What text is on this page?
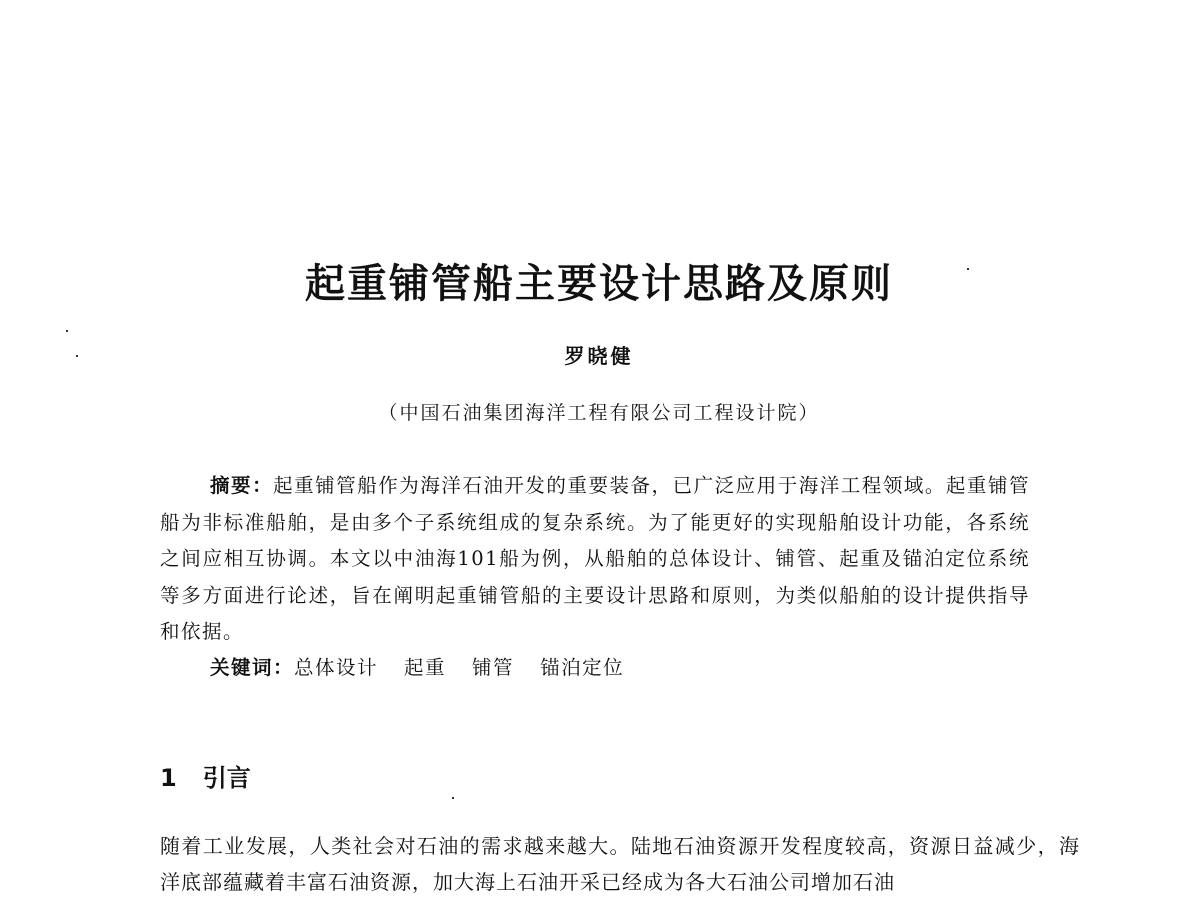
起重铺管船主要设计思路及原则
罗晓健
（中国石油集团海洋工程有限公司工程设计院）
摘要：起重铺管船作为海洋石油开发的重要装备，已广泛应用于海洋工程领域。起重铺管船为非标准船舶，是由多个子系统组成的复杂系统。为了能更好的实现船舶设计功能，各系统之间应相互协调。本文以中油海101船为例，从船舶的总体设计、铺管、起重及锚泊定位系统等多方面进行论述，旨在阐明起重铺管船的主要设计思路和原则，为类似船舶的设计提供指导和依据。
关键词：总体设计 起重 铺管 锚泊定位
1 引言
随着工业发展，人类社会对石油的需求越来越大。陆地石油资源开发程度较高，资源日益减少，海洋底部蕴藏着丰富石油资源，加大海上石油开采已经成为各大石油公司增加石油
